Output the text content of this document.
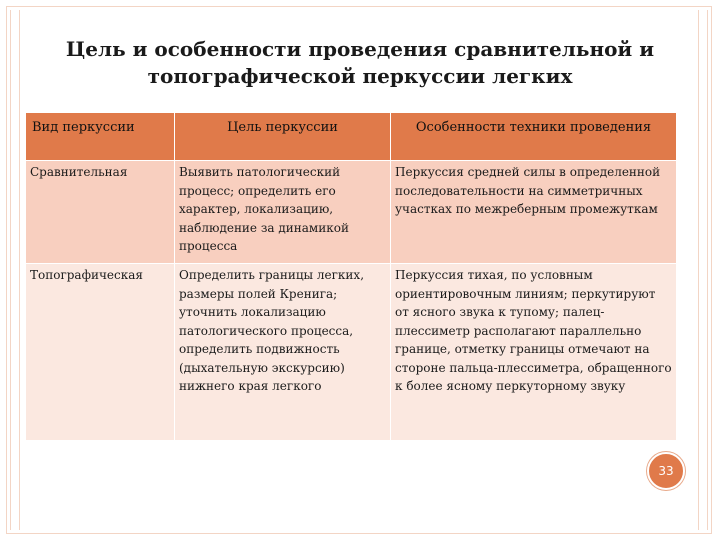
Цель и особенности проведения сравнительной и
топографической перкуссии легких
Вид перкуссии	Цель перкуссии	Особенности техники проведения
Сравнительная	Выявить патологический процесс; определить его характер, локализацию, наблюдение за динамикой процесса	Перкуссия средней силы в определенной последовательности на симметричных участках по межреберным промежуткам
Топографическая	Определить границы легких, размеры полей Кренига; уточнить локализацию патологического процесса, определить подвижность (дыхательную экскурсию) нижнего края легкого	Перкуссия тихая, по условным ориентировочным линиям; перкутируют от ясного звука к тупому; палец-плессиметр располагают параллельно границе, отметку границы отмечают на стороне пальца-плессиметра, обращенного к более ясному перкуторному звуку
33
